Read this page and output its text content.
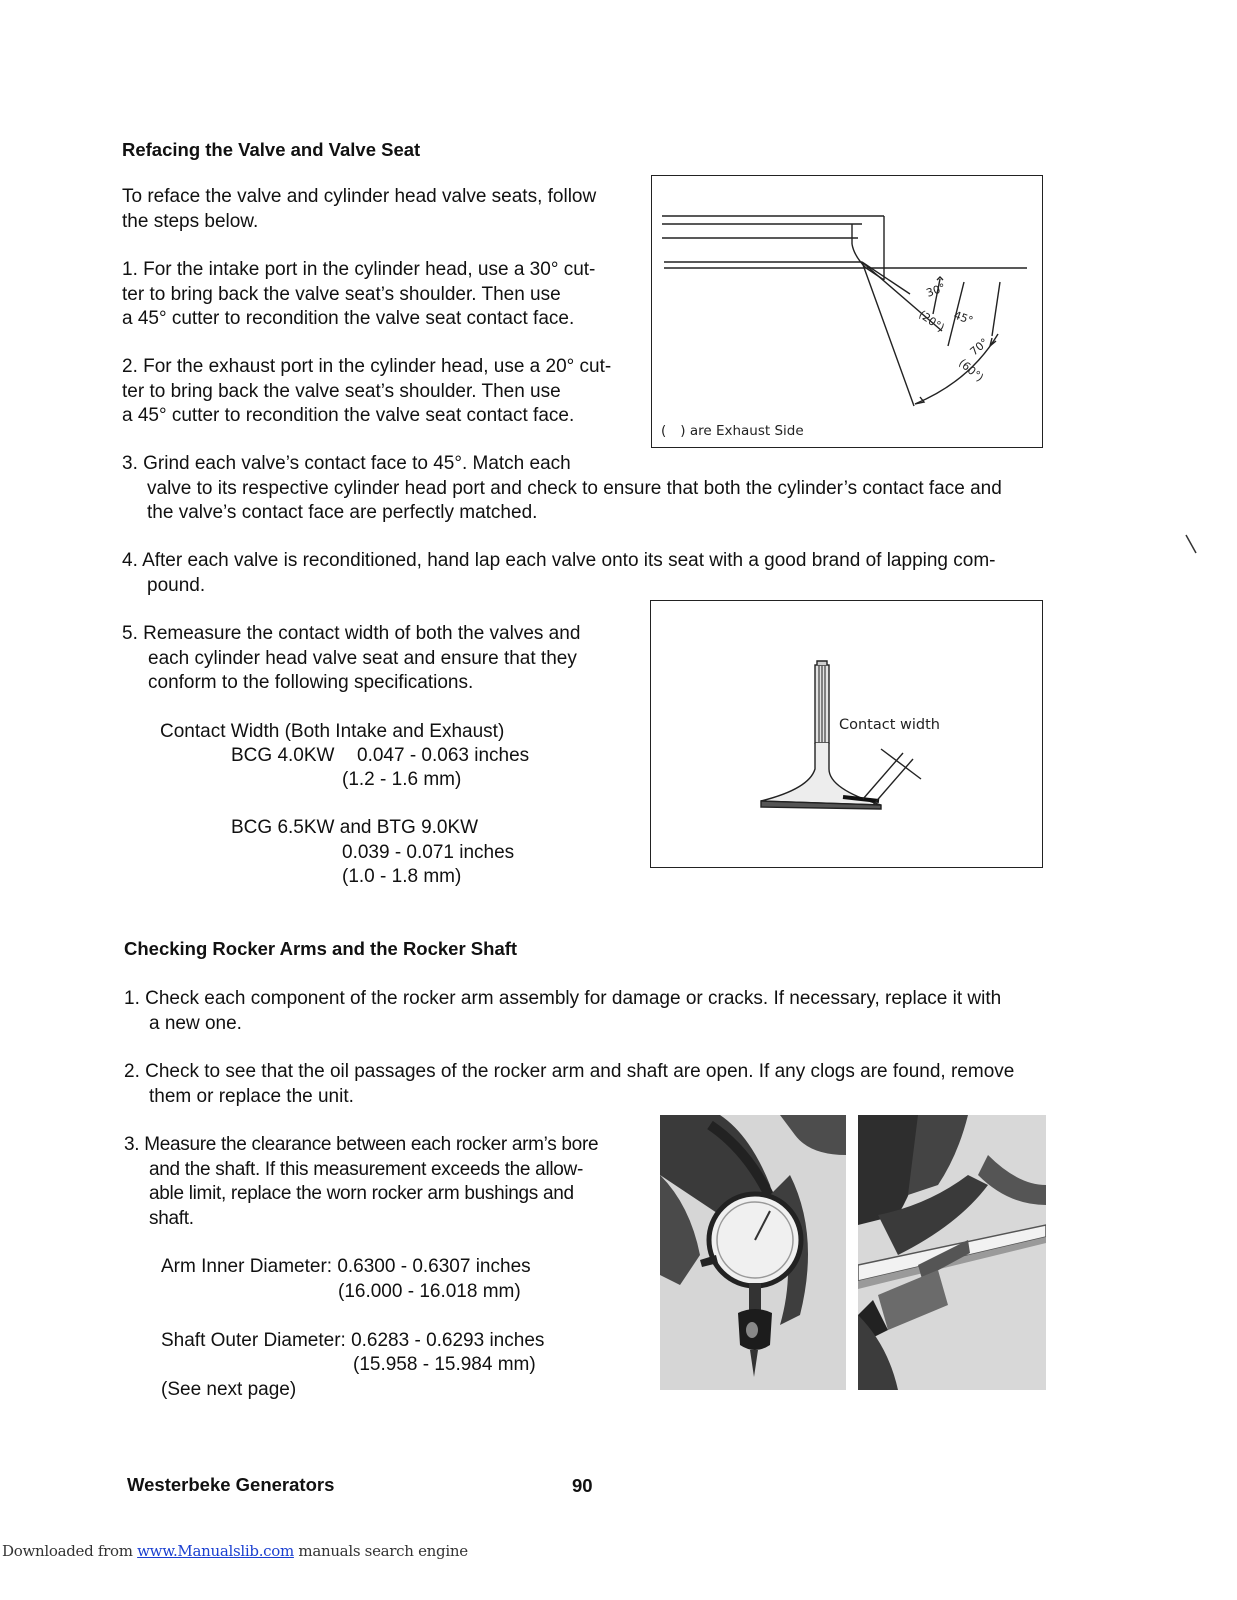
Refacing the Valve and Valve Seat
To reface the valve and cylinder head valve seats, follow
the steps below.
1. For the intake port in the cylinder head, use a 30° cut-
ter to bring back the valve seat’s shoulder. Then use
a 45° cutter to recondition the valve seat contact face.
2. For the exhaust port in the cylinder head, use a 20° cut-
ter to bring back the valve seat’s shoulder. Then use
a 45° cutter to recondition the valve seat contact face.
3. Grind each valve’s contact face to 45°. Match each
valve to its respective cylinder head port and check to ensure that both the cylinder’s contact face and
the valve’s contact face are perfectly matched.
4. After each valve is reconditioned, hand lap each valve onto its seat with a good brand of lapping com-
pound.
5. Remeasure the contact width of both the valves and
each cylinder head valve seat and ensure that they
conform to the following specifications.
Contact Width (Both Intake and Exhaust)
BCG 4.0KW 0.047 - 0.063 inches
(1.2 - 1.6 mm)
BCG 6.5KW and BTG 9.0KW
0.039 - 0.071 inches
(1.0 - 1.8 mm)
30°
(20°) 45°
70°
(60°)
( ) are Exhaust Side
Contact width
Checking Rocker Arms and the Rocker Shaft
1. Check each component of the rocker arm assembly for damage or cracks. If necessary, replace it with
a new one.
2. Check to see that the oil passages of the rocker arm and shaft are open. If any clogs are found, remove
them or replace the unit.
3. Measure the clearance between each rocker arm’s bore
and the shaft. If this measurement exceeds the allow-
able limit, replace the worn rocker arm bushings and
shaft.
Arm Inner Diameter: 0.6300 - 0.6307 inches
(16.000 - 16.018 mm)
Shaft Outer Diameter: 0.6283 - 0.6293 inches
(15.958 - 15.984 mm)
(See next page)
Westerbeke Generators	90
Downloaded from www.Manualslib.com manuals search engine
